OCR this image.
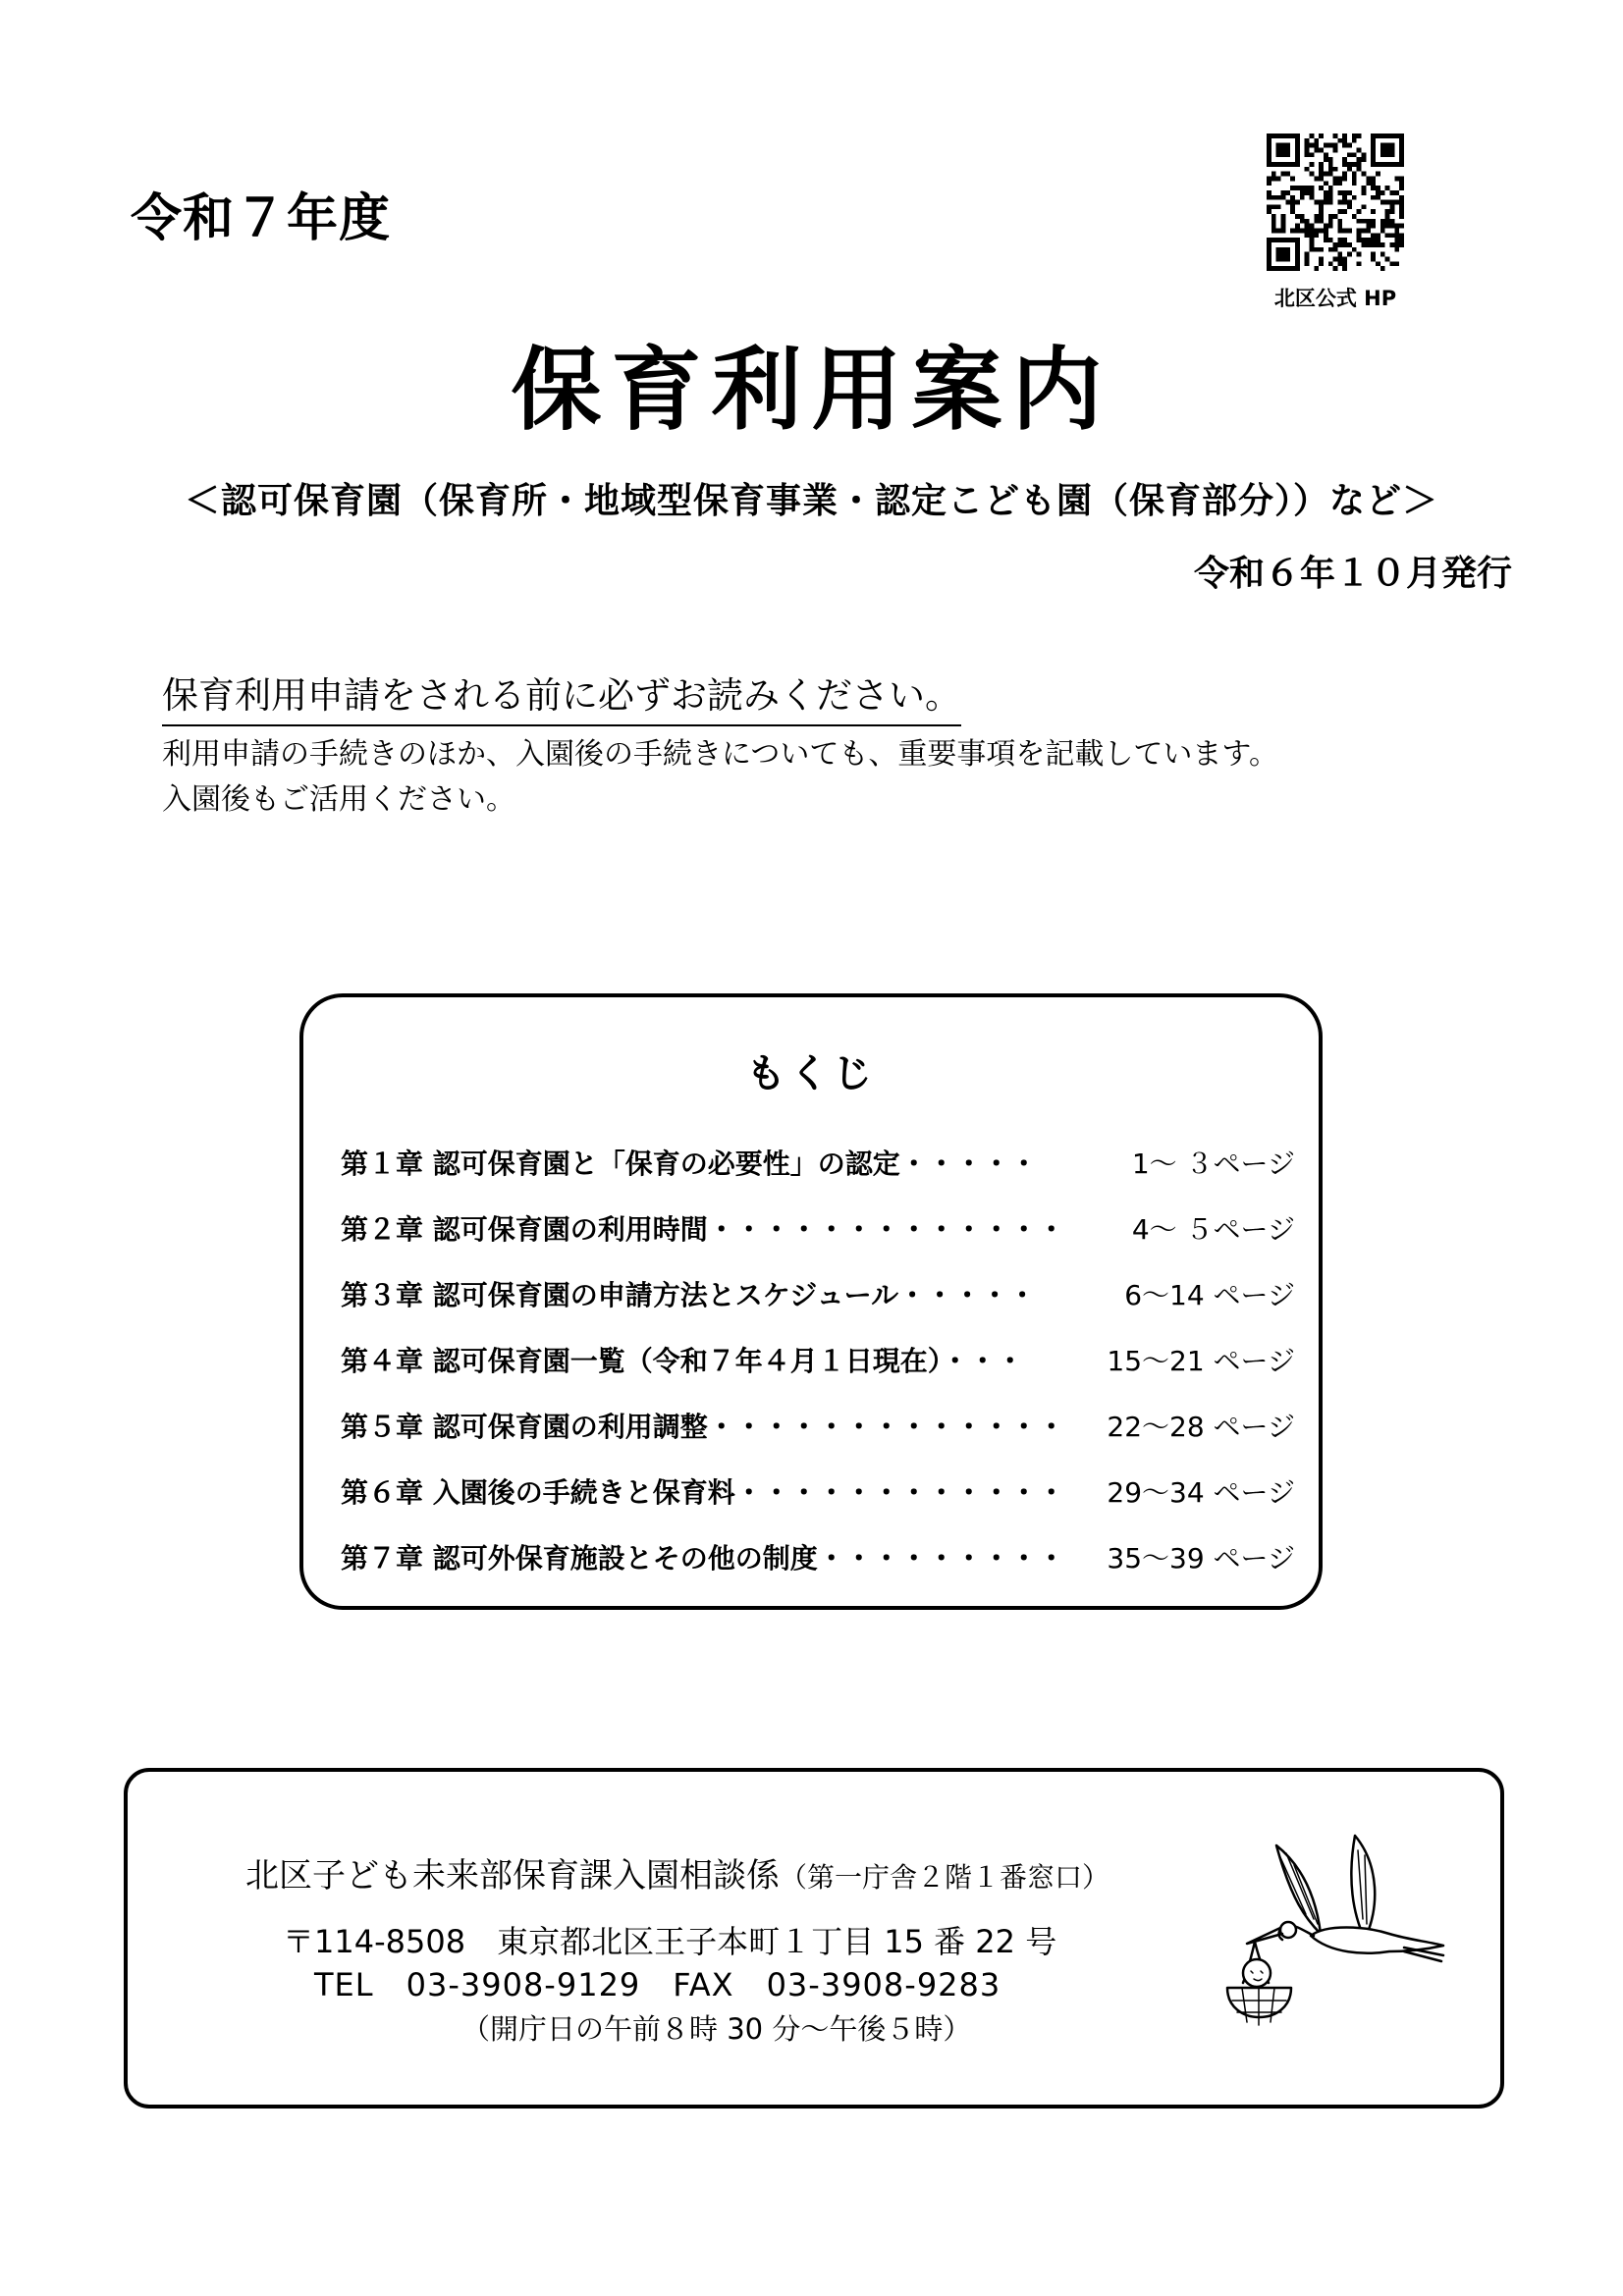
令和７年度
北区公式 HP
保育利用案内
＜認可保育園（保育所・地域型保育事業・認定こども園（保育部分））など＞
令和６年１０月発行
保育利用申請をされる前に必ずお読みください。
利用申請の手続きのほか、入園後の手続きについても、重要事項を記載しています。
入園後もご活用ください。
もくじ
第１章 認可保育園と「保育の必要性」の認定・・・・・	1～ ３ページ
第２章 認可保育園の利用時間・・・・・・・・・・・・・ 4～ ５ページ
第３章 認可保育園の申請方法とスケジュール・・・・・	6～14 ページ
第４章 認可保育園一覧（令和７年４月１日現在）・・・	15～21 ページ
第５章 認可保育園の利用調整・・・・・・・・・・・・・ 22～28 ページ
第６章 入園後の手続きと保育料・・・・・・・・・・・・ 29～34 ページ
第７章 認可外保育施設とその他の制度・・・・・・・・・ 35～39 ページ
北区子ども未来部保育課入園相談係（第一庁舎２階１番窓口）
〒114-8508　東京都北区王子本町１丁目 15 番 22 号
TEL　03-3908-9129　FAX　03-3908-9283
（開庁日の午前８時 30 分～午後５時）
